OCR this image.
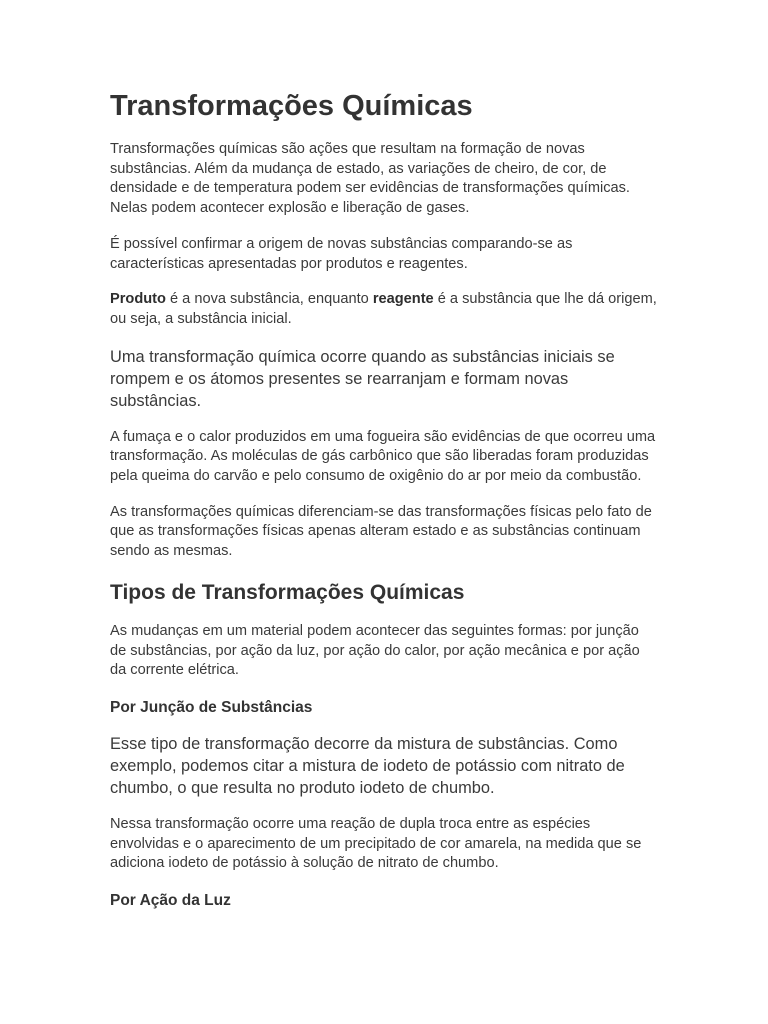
Transformações Químicas

Transformações químicas são ações que resultam na formação de novas substâncias. Além da mudança de estado, as variações de cheiro, de cor, de densidade e de temperatura podem ser evidências de transformações químicas. Nelas podem acontecer explosão e liberação de gases.

É possível confirmar a origem de novas substâncias comparando-se as características apresentadas por produtos e reagentes.

Produto é a nova substância, enquanto reagente é a substância que lhe dá origem, ou seja, a substância inicial.

Uma transformação química ocorre quando as substâncias iniciais se rompem e os átomos presentes se rearranjam e formam novas substâncias.

A fumaça e o calor produzidos em uma fogueira são evidências de que ocorreu uma transformação. As moléculas de gás carbônico que são liberadas foram produzidas pela queima do carvão e pelo consumo de oxigênio do ar por meio da combustão.

As transformações químicas diferenciam-se das transformações físicas pelo fato de que as transformações físicas apenas alteram estado e as substâncias continuam sendo as mesmas.

Tipos de Transformações Químicas

As mudanças em um material podem acontecer das seguintes formas: por junção de substâncias, por ação da luz, por ação do calor, por ação mecânica e por ação da corrente elétrica.

Por Junção de Substâncias

Esse tipo de transformação decorre da mistura de substâncias. Como exemplo, podemos citar a mistura de iodeto de potássio com nitrato de chumbo, o que resulta no produto iodeto de chumbo.

Nessa transformação ocorre uma reação de dupla troca entre as espécies envolvidas e o aparecimento de um precipitado de cor amarela, na medida que se adiciona iodeto de potássio à solução de nitrato de chumbo.

Por Ação da Luz
